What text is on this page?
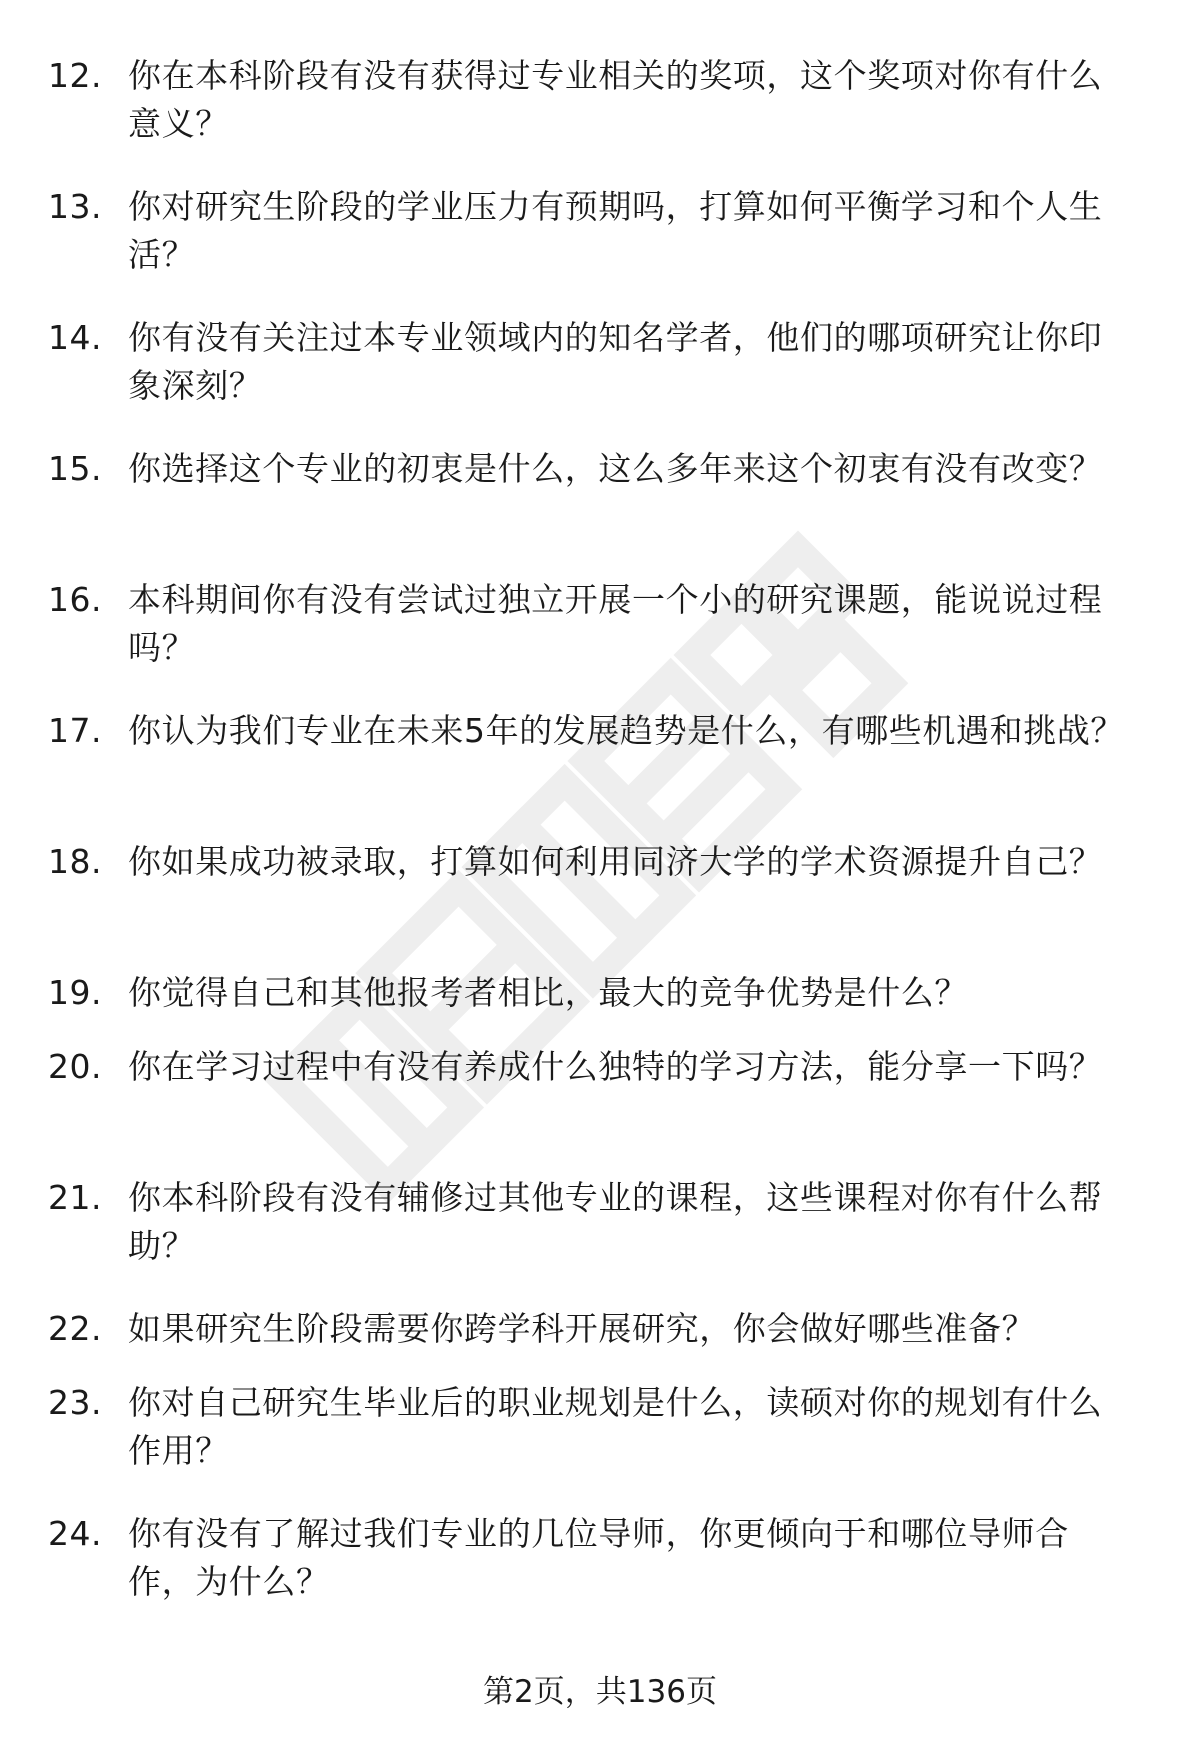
12. 你在本科阶段有没有获得过专业相关的奖项，这个奖项对你有什么意义？
13. 你对研究生阶段的学业压力有预期吗，打算如何平衡学习和个人生活？
14. 你有没有关注过本专业领域内的知名学者，他们的哪项研究让你印象深刻？
15. 你选择这个专业的初衷是什么，这么多年来这个初衷有没有改变？
16. 本科期间你有没有尝试过独立开展一个小的研究课题，能说说过程吗？
17. 你认为我们专业在未来5年的发展趋势是什么，有哪些机遇和挑战？
18. 你如果成功被录取，打算如何利用同济大学的学术资源提升自己？
19. 你觉得自己和其他报考者相比，最大的竞争优势是什么？
20. 你在学习过程中有没有养成什么独特的学习方法，能分享一下吗？
21. 你本科阶段有没有辅修过其他专业的课程，这些课程对你有什么帮助？
22. 如果研究生阶段需要你跨学科开展研究，你会做好哪些准备？
23. 你对自己研究生毕业后的职业规划是什么，读硕对你的规划有什么作用？
24. 你有没有了解过我们专业的几位导师，你更倾向于和哪位导师合作，为什么？
第2页，共136页
